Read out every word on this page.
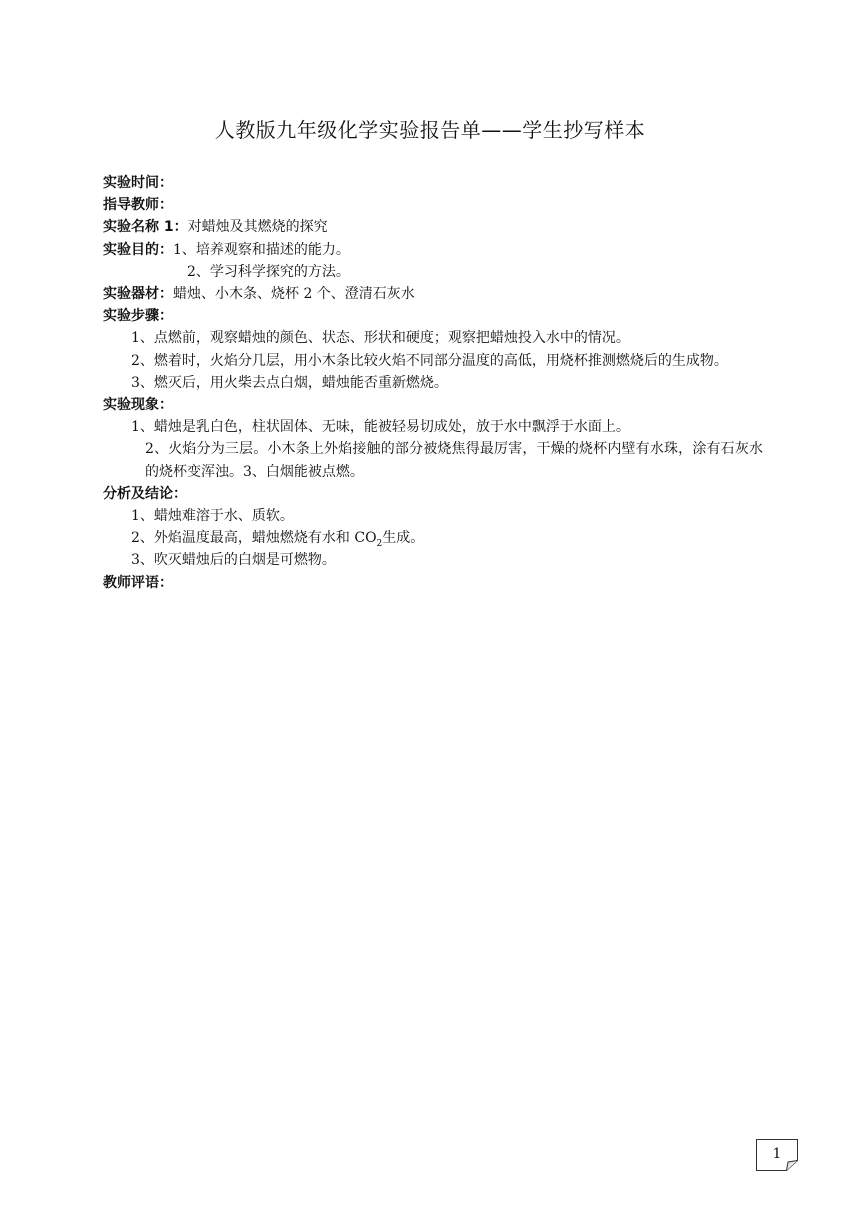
人教版九年级化学实验报告单——学生抄写样本
实验时间：
指导教师：
实验名称 1：对蜡烛及其燃烧的探究
实验目的：1、培养观察和描述的能力。
2、学习科学探究的方法。
实验器材：蜡烛、小木条、烧杯 2 个、澄清石灰水
实验步骤：
1、点燃前，观察蜡烛的颜色、状态、形状和硬度；观察把蜡烛投入水中的情况。
2、燃着时，火焰分几层，用小木条比较火焰不同部分温度的高低，用烧杯推测燃烧后的生成物。
3、燃灭后，用火柴去点白烟，蜡烛能否重新燃烧。
实验现象：
1、蜡烛是乳白色，柱状固体、无味，能被轻易切成处，放于水中飘浮于水面上。
2、火焰分为三层。小木条上外焰接触的部分被烧焦得最厉害，干燥的烧杯内壁有水珠，涂有石灰水的烧杯变浑浊。3、白烟能被点燃。
分析及结论：
1、蜡烛难溶于水、质软。
2、外焰温度最高，蜡烛燃烧有水和 $CO_2$生成。
3、吹灭蜡烛后的白烟是可燃物。
教师评语：
1
